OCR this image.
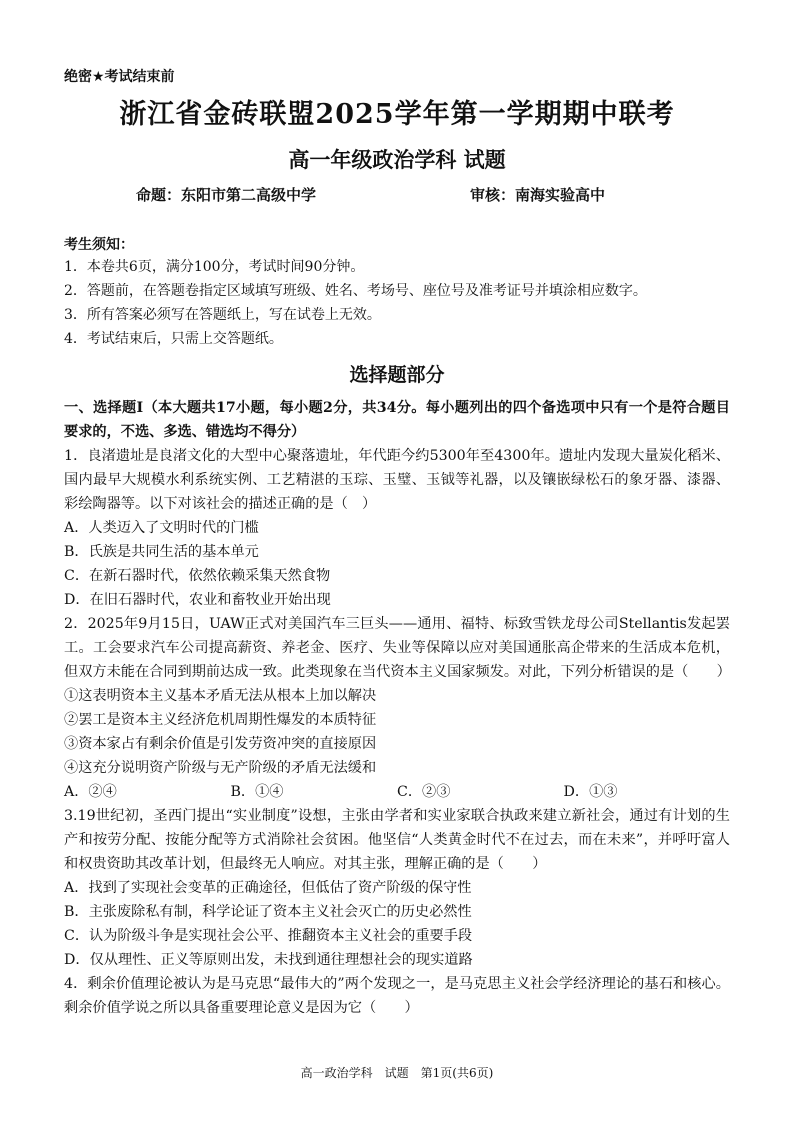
绝密★考试结束前
浙江省金砖联盟2025学年第一学期期中联考
高一年级政治学科 试题
命题：东阳市第二高级中学	审核：南海实验高中
考生须知：
1．本卷共6页，满分100分，考试时间90分钟。
2．答题前，在答题卷指定区域填写班级、姓名、考场号、座位号及准考证号并填涂相应数字。
3．所有答案必须写在答题纸上，写在试卷上无效。
4．考试结束后，只需上交答题纸。
选择题部分

一、选择题Ⅰ（本大题共17小题，每小题2分，共34分。每小题列出的四个备选项中只有一个是符合题目要求的，不选、多选、错选均不得分）

1．良渚遗址是良渚文化的大型中心聚落遗址，年代距今约5300年至4300年。遗址内发现大量炭化稻米、国内最早大规模水利系统实例、工艺精湛的玉琮、玉璧、玉钺等礼器，以及镶嵌绿松石的象牙器、漆器、彩绘陶器等。以下对该社会的描述正确的是（　）

A．人类迈入了文明时代的门槛

B．氏族是共同生活的基本单元

C．在新石器时代，依然依赖采集天然食物

D．在旧石器时代，农业和畜牧业开始出现

2．2025年9月15日，UAW正式对美国汽车三巨头——通用、福特、标致雪铁龙母公司Stellantis发起罢工。工会要求汽车公司提高薪资、养老金、医疗、失业等保障以应对美国通胀高企带来的生活成本危机，但双方未能在合同到期前达成一致。此类现象在当代资本主义国家频发。对此，下列分析错误的是（　　）

①这表明资本主义基本矛盾无法从根本上加以解决

②罢工是资本主义经济危机周期性爆发的本质特征

③资本家占有剩余价值是引发劳资冲突的直接原因

④这充分说明资产阶级与无产阶级的矛盾无法缓和

A．②④	B．①④	C．②③	D．①③

3.19世纪初，圣西门提出“实业制度”设想，主张由学者和实业家联合执政来建立新社会，通过有计划的生产和按劳分配、按能分配等方式消除社会贫困。他坚信“人类黄金时代不在过去，而在未来”，并呼吁富人和权贵资助其改革计划，但最终无人响应。对其主张，理解正确的是（　　）

A．找到了实现社会变革的正确途径，但低估了资产阶级的保守性

B．主张废除私有制，科学论证了资本主义社会灭亡的历史必然性

C．认为阶级斗争是实现社会公平、推翻资本主义社会的重要手段

D．仅从理性、正义等原则出发，未找到通往理想社会的现实道路

4．剩余价值理论被认为是马克思“最伟大的”两个发现之一，是马克思主义社会学经济理论的基石和核心。剩余价值学说之所以具备重要理论意义是因为它（　　）

高一政治学科　试题　第1页(共6页)
